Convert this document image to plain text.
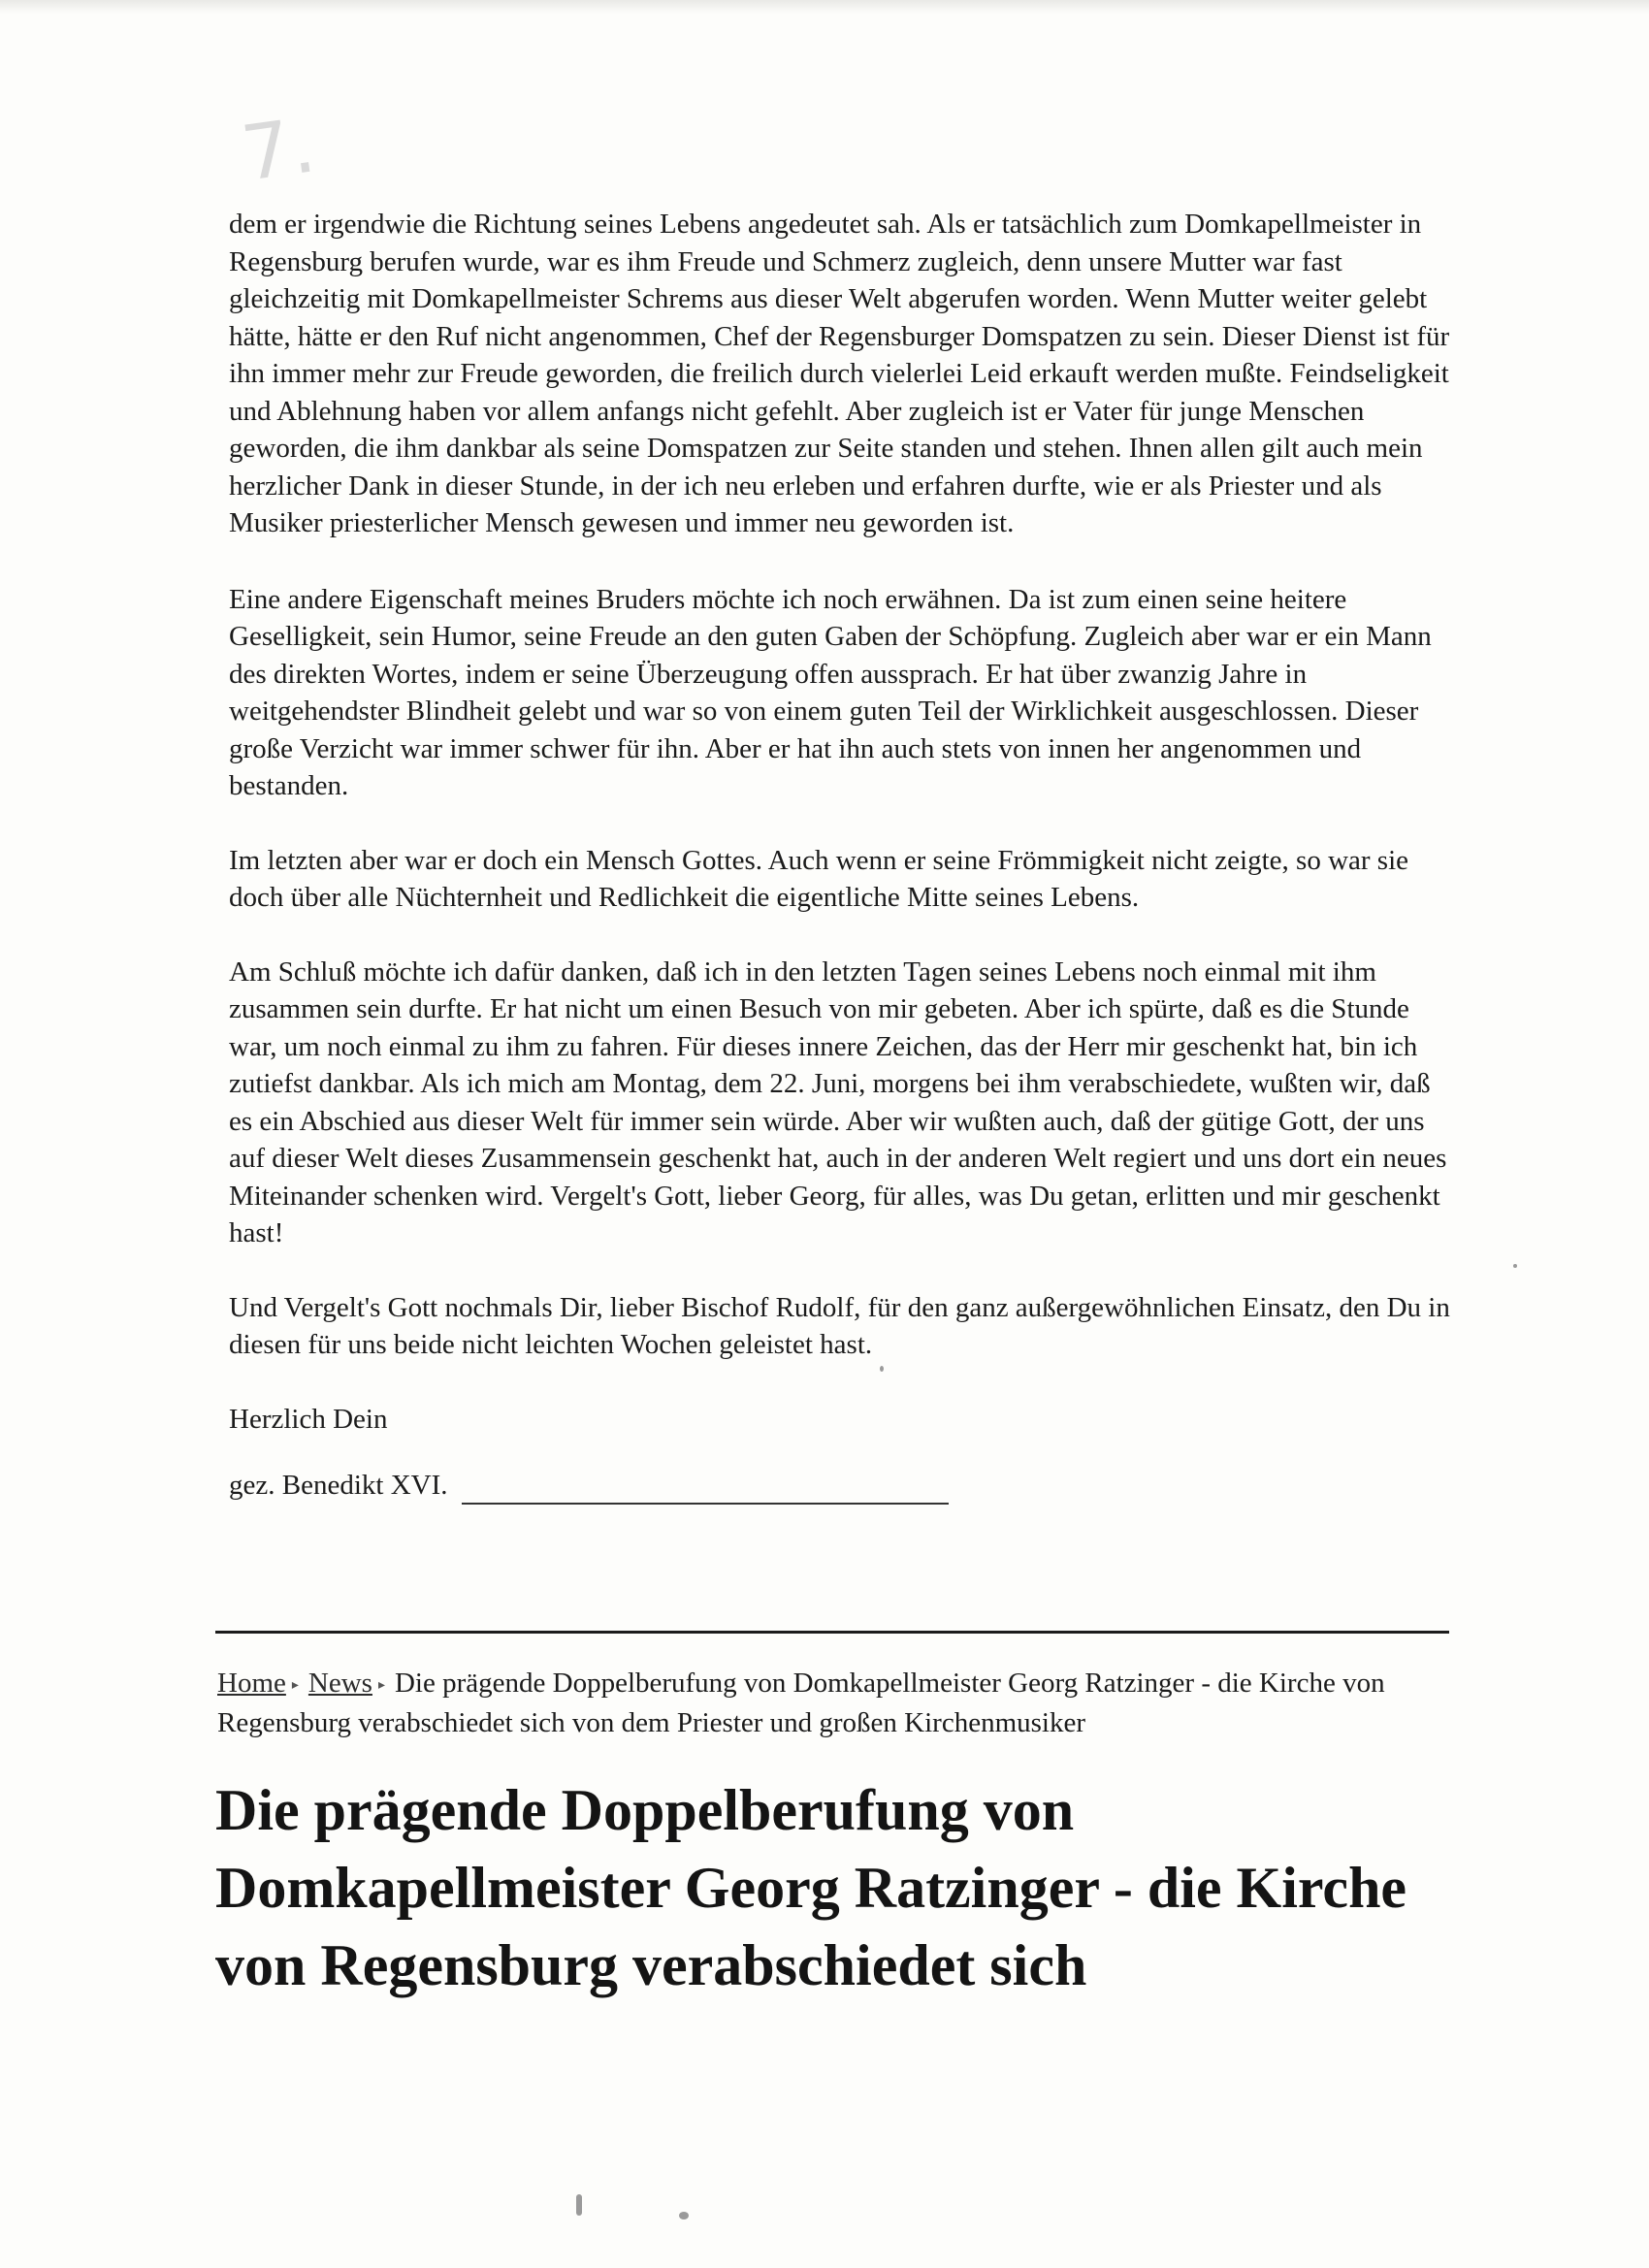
7.

dem er irgendwie die Richtung seines Lebens angedeutet sah. Als er tatsächlich zum Domkapellmeister in Regensburg berufen wurde, war es ihm Freude und Schmerz zugleich, denn unsere Mutter war fast gleichzeitig mit Domkapellmeister Schrems aus dieser Welt abgerufen worden. Wenn Mutter weiter gelebt hätte, hätte er den Ruf nicht angenommen, Chef der Regensburger Domspatzen zu sein. Dieser Dienst ist für ihn immer mehr zur Freude geworden, die freilich durch vielerlei Leid erkauft werden mußte. Feindseligkeit und Ablehnung haben vor allem anfangs nicht gefehlt. Aber zugleich ist er Vater für junge Menschen geworden, die ihm dankbar als seine Domspatzen zur Seite standen und stehen. Ihnen allen gilt auch mein herzlicher Dank in dieser Stunde, in der ich neu erleben und erfahren durfte, wie er als Priester und als Musiker priesterlicher Mensch gewesen und immer neu geworden ist.

Eine andere Eigenschaft meines Bruders möchte ich noch erwähnen. Da ist zum einen seine heitere Geselligkeit, sein Humor, seine Freude an den guten Gaben der Schöpfung. Zugleich aber war er ein Mann des direkten Wortes, indem er seine Überzeugung offen aussprach. Er hat über zwanzig Jahre in weitgehendster Blindheit gelebt und war so von einem guten Teil der Wirklichkeit ausgeschlossen. Dieser große Verzicht war immer schwer für ihn. Aber er hat ihn auch stets von innen her angenommen und bestanden.

Im letzten aber war er doch ein Mensch Gottes. Auch wenn er seine Frömmigkeit nicht zeigte, so war sie doch über alle Nüchternheit und Redlichkeit die eigentliche Mitte seines Lebens.

Am Schluß möchte ich dafür danken, daß ich in den letzten Tagen seines Lebens noch einmal mit ihm zusammen sein durfte. Er hat nicht um einen Besuch von mir gebeten. Aber ich spürte, daß es die Stunde war, um noch einmal zu ihm zu fahren. Für dieses innere Zeichen, das der Herr mir geschenkt hat, bin ich zutiefst dankbar. Als ich mich am Montag, dem 22. Juni, morgens bei ihm verabschiedete, wußten wir, daß es ein Abschied aus dieser Welt für immer sein würde. Aber wir wußten auch, daß der gütige Gott, der uns auf dieser Welt dieses Zusammensein geschenkt hat, auch in der anderen Welt regiert und uns dort ein neues Miteinander schenken wird. Vergelt's Gott, lieber Georg, für alles, was Du getan, erlitten und mir geschenkt hast!

Und Vergelt's Gott nochmals Dir, lieber Bischof Rudolf, für den ganz außergewöhnlichen Einsatz, den Du in diesen für uns beide nicht leichten Wochen geleistet hast.

Herzlich Dein

gez. Benedikt XVI.
Home ▸ News ▸ Die prägende Doppelberufung von Domkapellmeister Georg Ratzinger - die Kirche von Regensburg verabschiedet sich von dem Priester und großen Kirchenmusiker
Die prägende Doppelberufung von Domkapellmeister Georg Ratzinger - die Kirche von Regensburg verabschiedet sich
